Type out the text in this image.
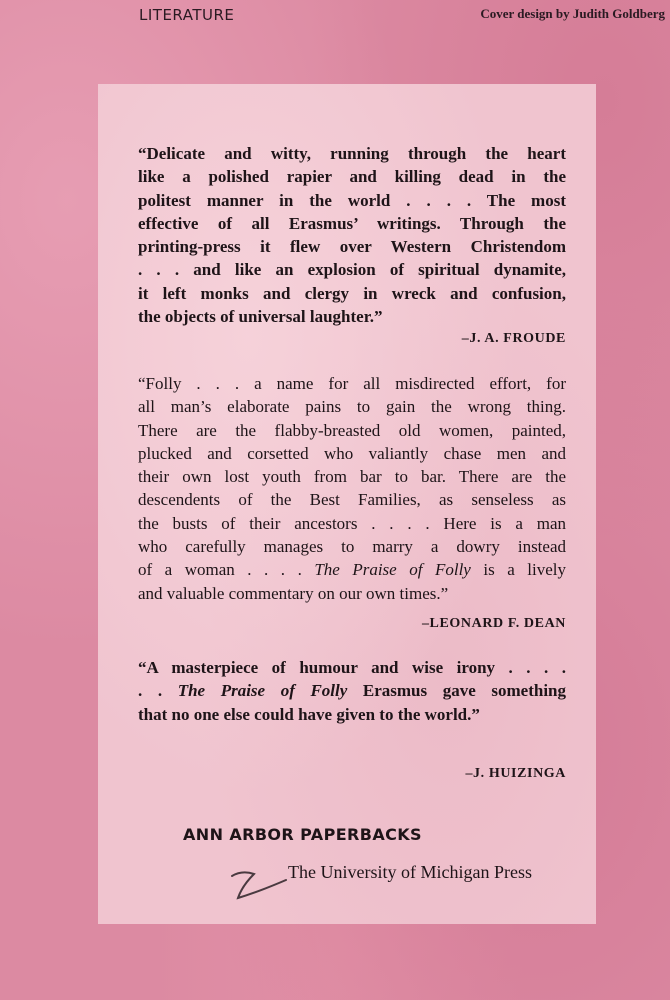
LITERATURE	Cover design by Judith Goldberg
“Delicate and witty, running through the heart
like a polished rapier and killing dead in the
politest manner in the world . . . . The most
effective of all Erasmus’ writings. Through the
printing-press it flew over Western Christendom
. . . and like an explosion of spiritual dynamite,
it left monks and clergy in wreck and confusion,
the objects of universal laughter.”
–J. A. FROUDE
“Folly . . . a name for all misdirected effort, for
all man’s elaborate pains to gain the wrong thing.
There are the flabby-breasted old women, painted,
plucked and corsetted who valiantly chase men and
their own lost youth from bar to bar. There are the
descendents of the Best Families, as senseless as
the busts of their ancestors . . . . Here is a man
who carefully manages to marry a dowry instead
of a woman . . . . The Praise of Folly is a lively
and valuable commentary on our own times.”
–LEONARD F. DEAN
“A masterpiece of humour and wise irony . . . .
. . The Praise of Folly Erasmus gave something
that no one else could have given to the world.”
–J. HUIZINGA
ANN ARBOR PAPERBACKS
The University of Michigan Press
